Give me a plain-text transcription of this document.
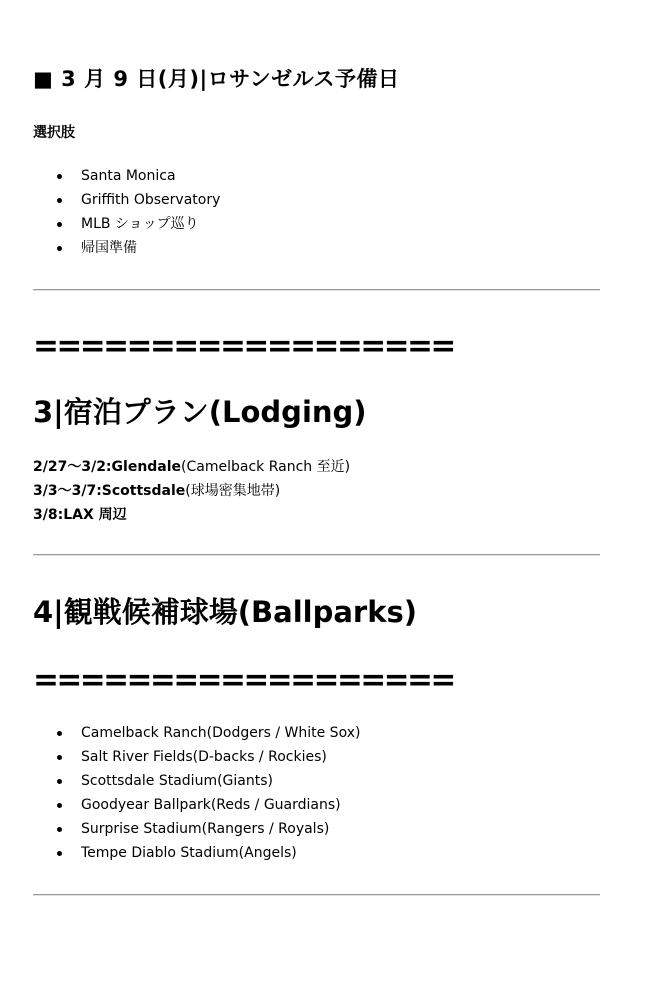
■ 3 月 9 日(月)|ロサンゼルス予備日
選択肢
Santa Monica
Griffith Observatory
MLB ショップ巡り
帰国準備
==================
3|宿泊プラン(Lodging)
2/27〜3/2:Glendale(Camelback Ranch 至近)
3/3〜3/7:Scottsdale(球場密集地帯)
3/8:LAX 周辺
4|観戦候補球場(Ballparks)
==================
Camelback Ranch(Dodgers / White Sox)
Salt River Fields(D-backs / Rockies)
Scottsdale Stadium(Giants)
Goodyear Ballpark(Reds / Guardians)
Surprise Stadium(Rangers / Royals)
Tempe Diablo Stadium(Angels)
